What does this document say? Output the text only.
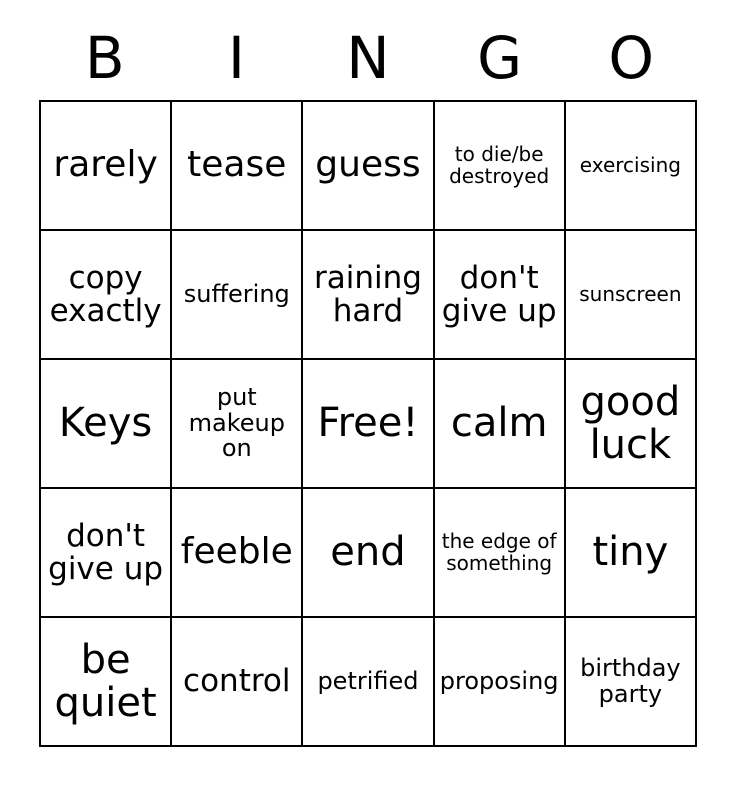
B	I	N	G	O
rarely	tease	guess	to die/be destroyed	exercising

copy exactly	suffering	raining hard	don't give up	sunscreen

Keys	put makeup on	Free!	calm	good luck

don't give up	feeble	end	the edge of something	tiny

be quiet	control	petrified	proposing	birthday party
